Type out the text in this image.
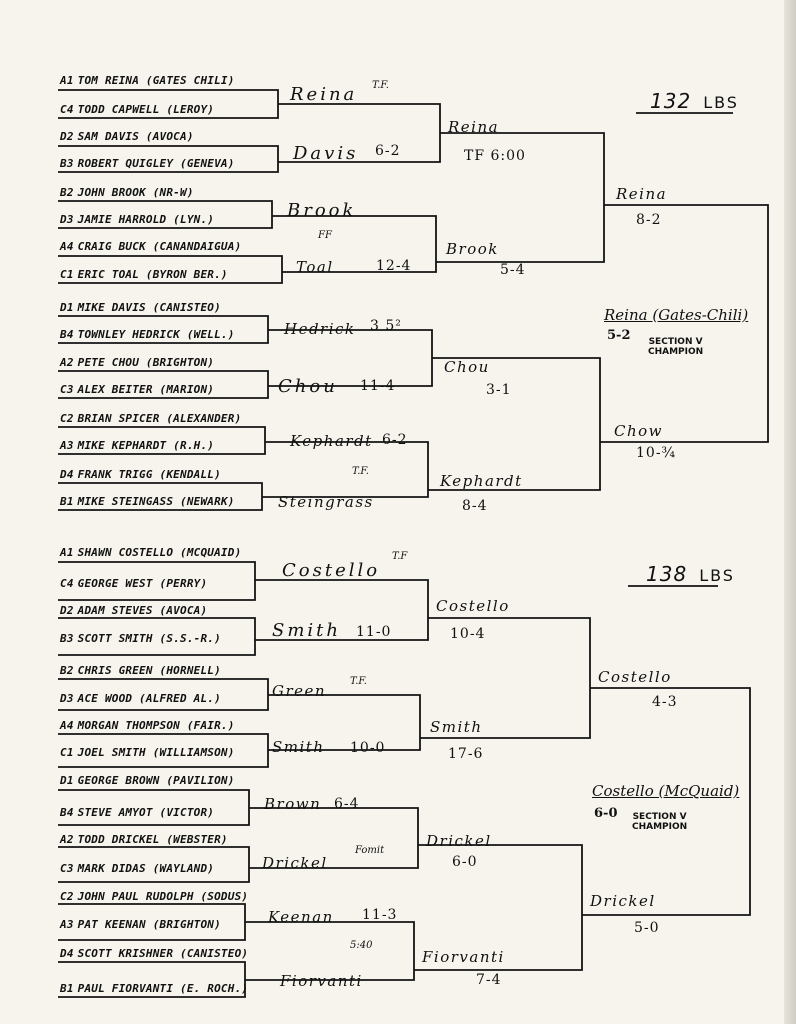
132 LBS
A1 TOM REINA (GATES CHILI)
C4 TODD CAPWELL (LEROY)
D2 SAM DAVIS (AVOCA)
B3 ROBERT QUIGLEY (GENEVA)
B2 JOHN BROOK (NR-W)
D3 JAMIE HARROLD (LYN.)
A4 CRAIG BUCK (CANANDAIGUA)
C1 ERIC TOAL (BYRON BER.)
D1 MIKE DAVIS (CANISTEO)
B4 TOWNLEY HEDRICK (WELL.)
A2 PETE CHOU (BRIGHTON)
C3 ALEX BEITER (MARION)
C2 BRIAN SPICER (ALEXANDER)
A3 MIKE KEPHARDT (R.H.)
D4 FRANK TRIGG (KENDALL)
B1 MIKE STEINGASS (NEWARK)
Reina T.F.
Davis 6-2
Brook
FF
Toal	12-4
Hedrick 3 5²
Chou 11-4
Kephardt 6-2
Steingrass
T.F.
Reina
TF 6:00
Brook
5-4
Chou
3-1
Kephardt
8-4
Reina
8-2
Chow
10-¾
Reina (Gates-Chili)
5-2 SECTION V
CHAMPION
138 LBS
A1 SHAWN COSTELLO (MCQUAID)
C4 GEORGE WEST (PERRY)
D2 ADAM STEVES (AVOCA)
B3 SCOTT SMITH (S.S.-R.)
B2 CHRIS GREEN (HORNELL)
D3 ACE WOOD (ALFRED AL.)
A4 MORGAN THOMPSON (FAIR.)
C1 JOEL SMITH (WILLIAMSON)
D1 GEORGE BROWN (PAVILION)
B4 STEVE AMYOT (VICTOR)
A2 TODD DRICKEL (WEBSTER)
C3 MARK DIDAS (WAYLAND)
C2 JOHN PAUL RUDOLPH (SODUS)
A3 PAT KEENAN (BRIGHTON)
D4 SCOTT KRISHNER (CANISTEO)
B1 PAUL FIORVANTI (E. ROCH.)
Costello
T.F
Smith 11-0
Green
T.F.
Smith 10-0
Brown 6-4
Drickel
Fomit
Keenan 11-3
Fiorvanti
5:40
Costello
10-4
Smith
17-6
Drickel
6-0
Fiorvanti
7-4
Costello
4-3
Drickel
5-0
Costello (McQuaid)
6-0 SECTION V
CHAMPION
